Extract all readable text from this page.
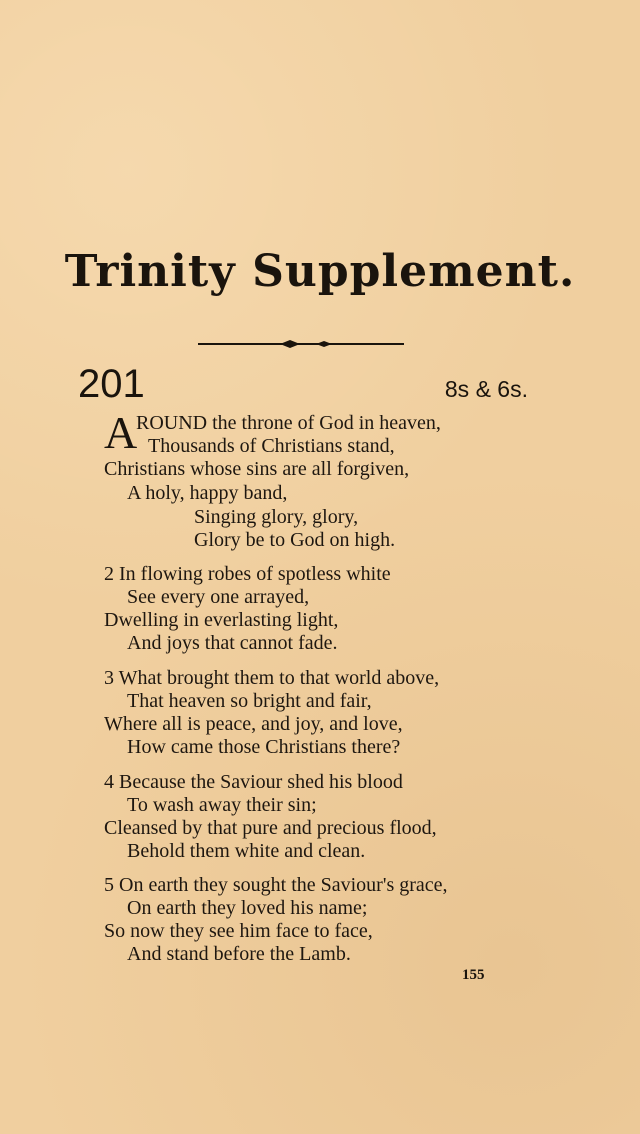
Trinity Supplement.
201	8s & 6s.
A
ROUND the throne of God in heaven,
Thousands of Christians stand,
Christians whose sins are all forgiven,
A holy, happy band,
Singing glory, glory,
Glory be to God on high.
2 In flowing robes of spotless white
See every one arrayed,
Dwelling in everlasting light,
And joys that cannot fade.
3 What brought them to that world above,
That heaven so bright and fair,
Where all is peace, and joy, and love,
How came those Christians there?
4 Because the Saviour shed his blood
To wash away their sin;
Cleansed by that pure and precious flood,
Behold them white and clean.
5 On earth they sought the Saviour's grace,
On earth they loved his name;
So now they see him face to face,
And stand before the Lamb.
155
